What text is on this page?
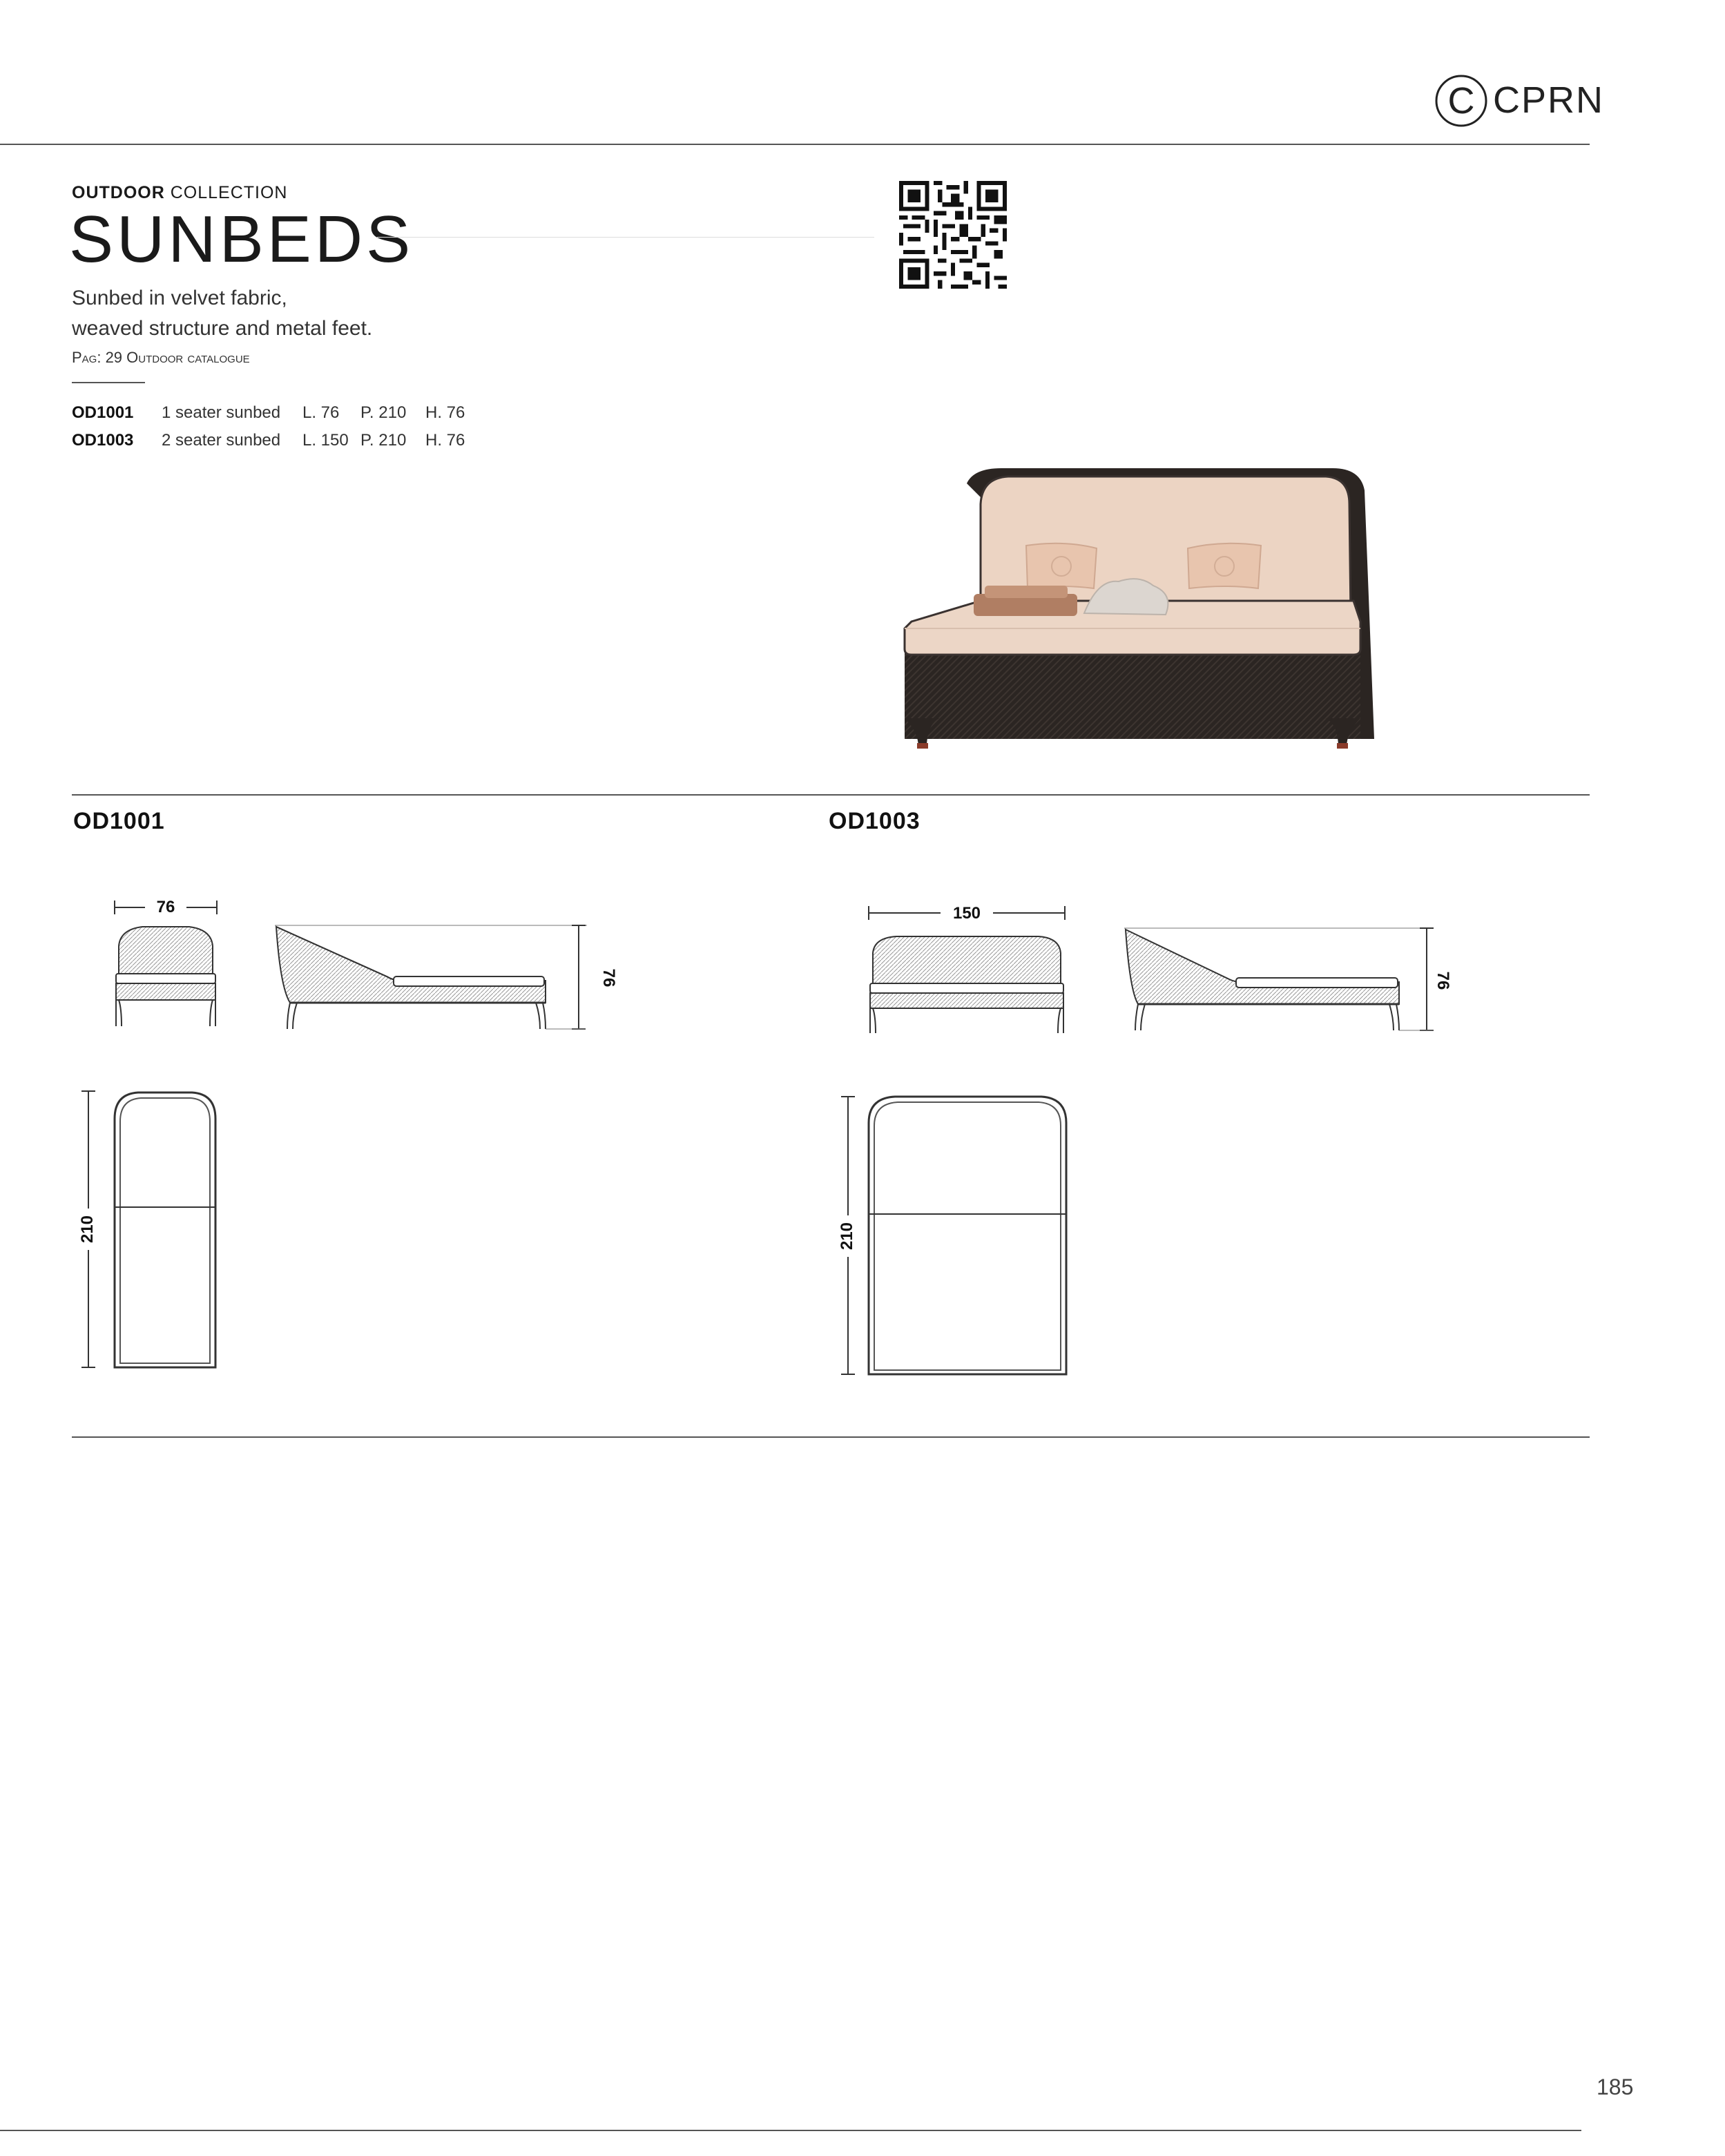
C CPRN
OUTDOOR COLLECTION
SUNBEDS
Sunbed in velvet fabric,
weaved structure and metal feet.
Pag: 29 Outdoor catalogue
OD1001	1 seater sunbed	L. 76	P. 210	H. 76
OD1003	2 seater sunbed	L. 150	P. 210	H. 76
OD1001	OD1003
76
76
210
150
76
210
185
